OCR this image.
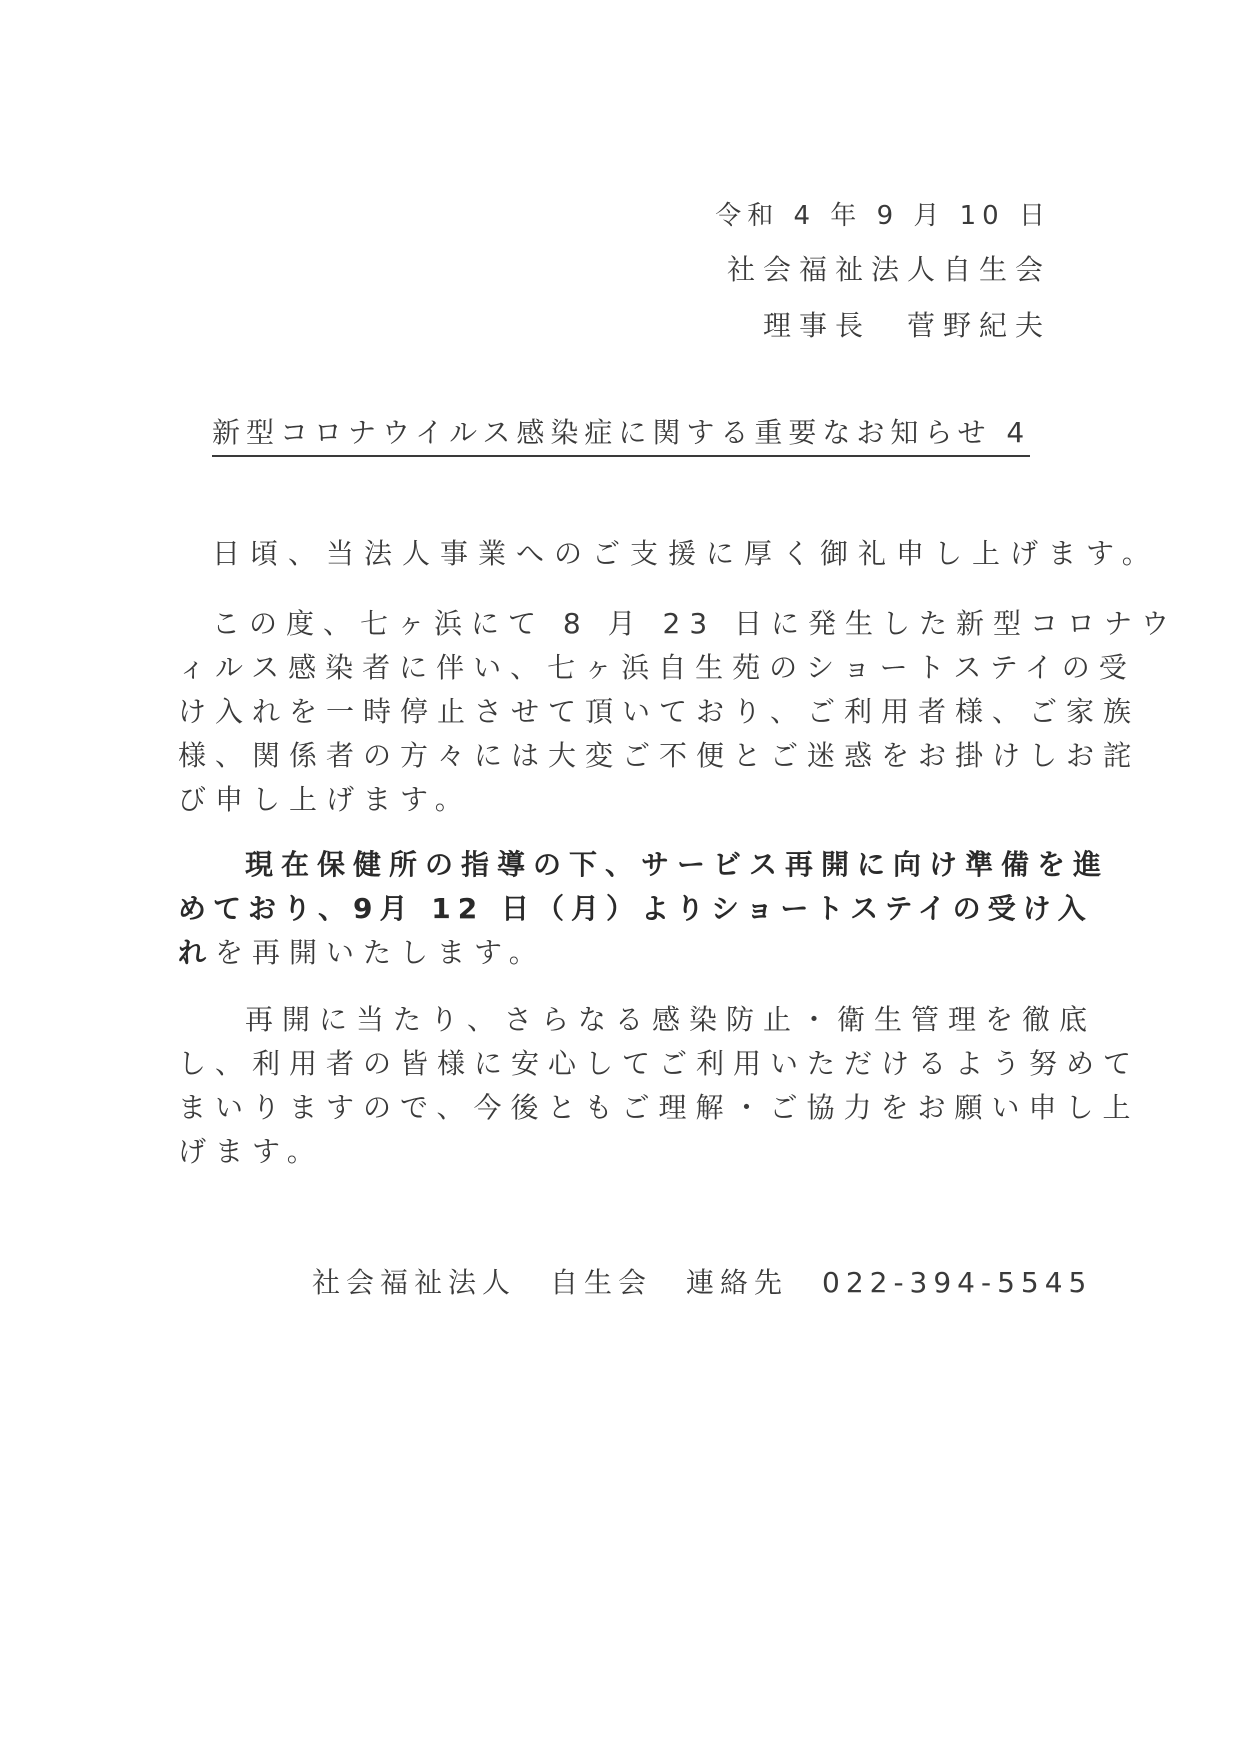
令和 4 年 9 月 10 日
社会福祉法人自生会
理事長　菅野紀夫
新型コロナウイルス感染症に関する重要なお知らせ 4
日頃、当法人事業へのご支援に厚く御礼申し上げます。
この度、七ヶ浜にて 8 月 23 日に発生した新型コロナウ
ィルス感染者に伴い、七ヶ浜自生苑のショートステイの受
け入れを一時停止させて頂いており、ご利用者様、ご家族
様、関係者の方々には大変ご不便とご迷惑をお掛けしお詫
び申し上げます。
現在保健所の指導の下、サービス再開に向け準備を進
めており、9月 12 日（月）よりショートステイの受け入
れを再開いたします。
再開に当たり、さらなる感染防止・衛生管理を徹底
し、利用者の皆様に安心してご利用いただけるよう努めて
まいりますので、今後ともご理解・ご協力をお願い申し上
げます。
社会福祉法人　自生会　連絡先　022-394-5545
